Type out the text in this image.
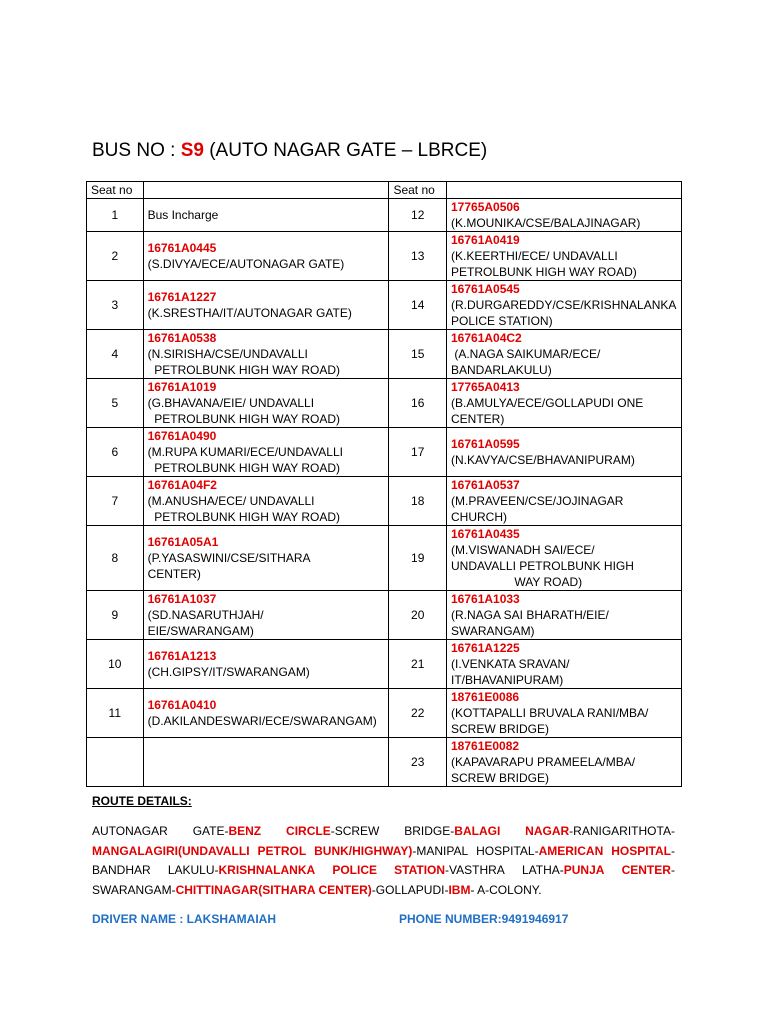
BUS NO : S9 (AUTO NAGAR GATE – LBRCE)
Seat no		Seat no	
1	Bus Incharge	12	17765A0506
(K.MOUNIKA/CSE/BALAJINAGAR)
2	16761A0445
(S.DIVYA/ECE/AUTONAGAR GATE)	13	16761A0419
(K.KEERTHI/ECE/ UNDAVALLI
PETROLBUNK HIGH WAY ROAD)
3	16761A1227
(K.SRESTHA/IT/AUTONAGAR GATE)	14	16761A0545
(R.DURGAREDDY/CSE/KRISHNALANKA
POLICE STATION)
4	16761A0538
(N.SIRISHA/CSE/UNDAVALLI
PETROLBUNK HIGH WAY ROAD)	15	16761A04C2
(A.NAGA SAIKUMAR/ECE/
BANDARLAKULU)
5	16761A1019
(G.BHAVANA/EIE/ UNDAVALLI
PETROLBUNK HIGH WAY ROAD)	16	17765A0413
(B.AMULYA/ECE/GOLLAPUDI ONE
CENTER)
6	16761A0490
(M.RUPA KUMARI/ECE/UNDAVALLI
PETROLBUNK HIGH WAY ROAD)	17	16761A0595
(N.KAVYA/CSE/BHAVANIPURAM)
7	16761A04F2
(M.ANUSHA/ECE/ UNDAVALLI
PETROLBUNK HIGH WAY ROAD)	18	16761A0537
(M.PRAVEEN/CSE/JOJINAGAR
CHURCH)
8	16761A05A1
(P.YASASWINI/CSE/SITHARA
CENTER)	19	16761A0435
(M.VISWANADH SAI/ECE/
UNDAVALLI PETROLBUNK HIGH
WAY ROAD)
9	16761A1037
(SD.NASARUTHJAH/
EIE/SWARANGAM)	20	16761A1033
(R.NAGA SAI BHARATH/EIE/
SWARANGAM)
10	16761A1213
(CH.GIPSY/IT/SWARANGAM)	21	16761A1225
(I.VENKATA SRAVAN/
IT/BHAVANIPURAM)
11	16761A0410
(D.AKILANDESWARI/ECE/SWARANGAM)	22	18761E0086
(KOTTAPALLI BRUVALA RANI/MBA/
SCREW BRIDGE)
		23	18761E0082
(KAPAVARAPU PRAMEELA/MBA/
SCREW BRIDGE)
ROUTE DETAILS:
AUTONAGAR GATE-BENZ CIRCLE-SCREW BRIDGE-BALAGI NAGAR-RANIGARITHOTA-
MANGALAGIRI(UNDAVALLI PETROL BUNK/HIGHWAY)-MANIPAL HOSPITAL-AMERICAN HOSPITAL-
BANDHAR LAKULU-KRISHNALANKA POLICE STATION-VASTHRA LATHA-PUNJA CENTER-
SWARANGAM-CHITTINAGAR(SITHARA CENTER) -GOLLAPUDI-IBM - A-COLONY.
DRIVER NAME : LAKSHAMAIAH	PHONE NUMBER:9491946917
